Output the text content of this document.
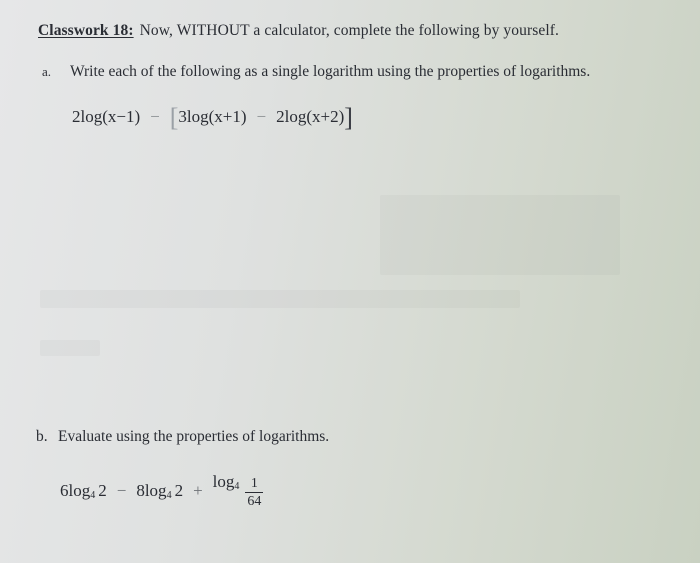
Classwork 18: Now, WITHOUT a calculator, complete the following by yourself.
a. Write each of the following as a single logarithm using the properties of logarithms.
2log(x−1) − [ 3log(x+1) − 2log(x+2) ]
b. Evaluate using the properties of logarithms.
$6\log_4$ $2 - 8\log_4$ $2 + \log_4 \frac{1}{64}$
